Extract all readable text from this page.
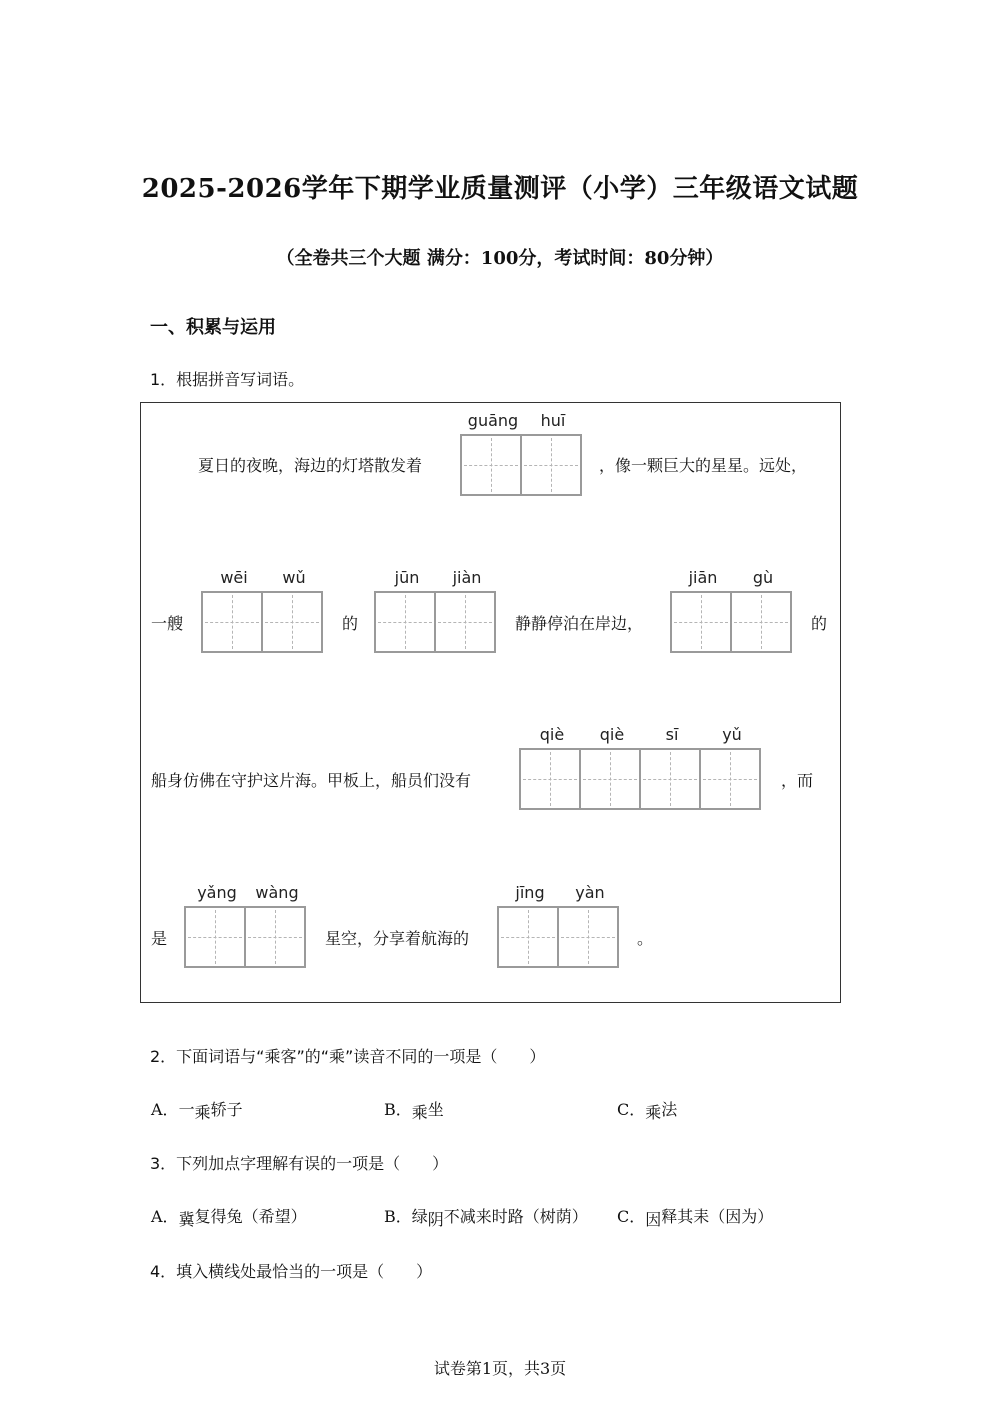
2025-2026学年下期学业质量测评（小学）三年级语文试题
（全卷共三个大题 满分：100分，考试时间：80分钟）
一、积累与运用
1．根据拼音写词语。
夏日的夜晚，海边的灯塔散发着
guāng	huī
，像一颗巨大的星星。远处，
一艘
wēi	wǔ
的
jūn	jiàn
静静停泊在岸边，
jiān	gù
的
船身仿佛在守护这片海。甲板上，船员们没有
qiè	qiè	sī	yǔ
，而
是
yǎng	wàng
星空，分享着航海的
jīng	yàn
。
2．下面词语与“乘客”的“乘”读音不同的一项是（　　）
A．一乘轿子	B．乘坐	C．乘法
3．下列加点字理解有误的一项是（　　）
A．冀复得兔（希望）	B．绿阴不减来时路（树荫） C．因释其耒（因为）
4．填入横线处最恰当的一项是（　　）
试卷第1页，共3页
